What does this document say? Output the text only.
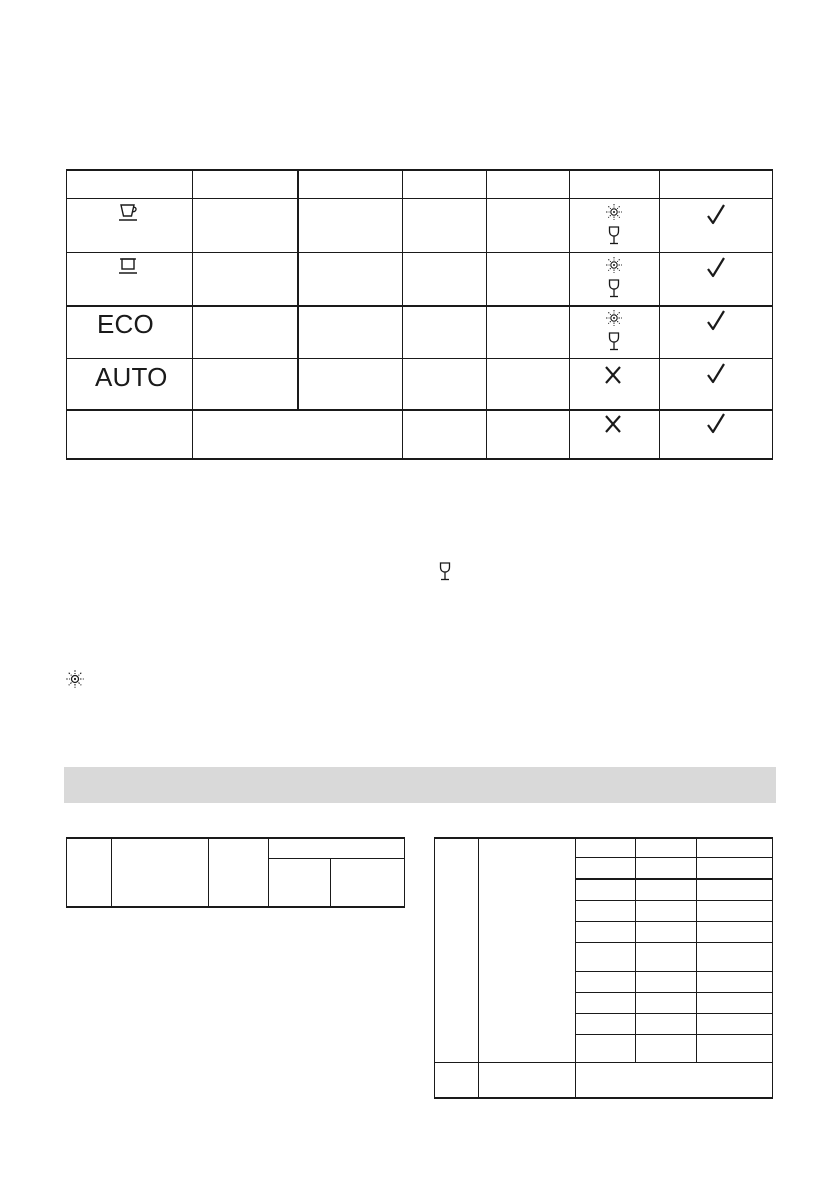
ECO
AUTO
